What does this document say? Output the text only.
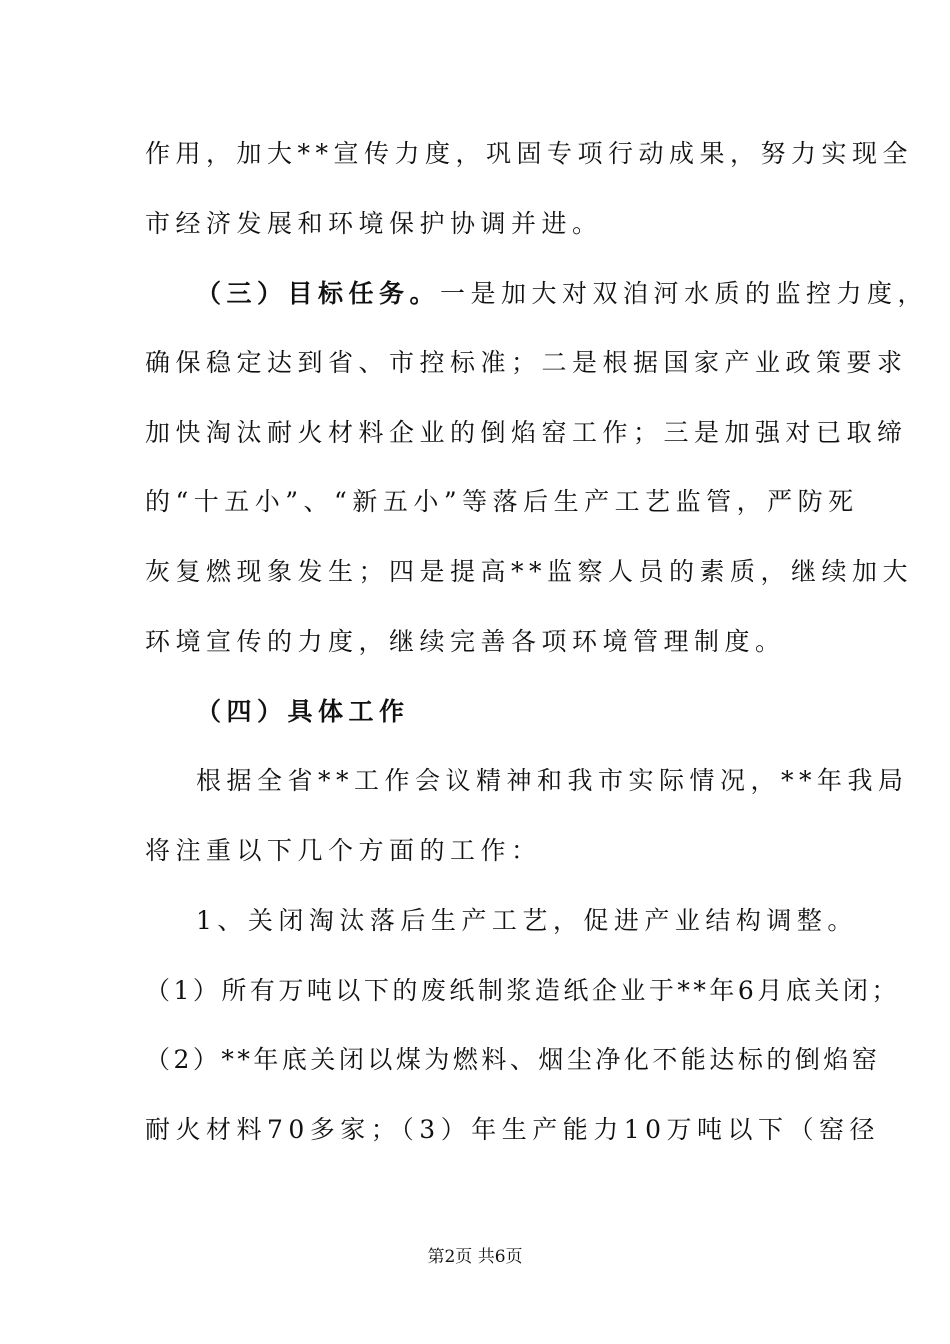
作用，加大**宣传力度，巩固专项行动成果，努力实现全
市经济发展和环境保护协调并进。
（三）目标任务。一是加大对双洎河水质的监控力度，
确保稳定达到省、市控标准；二是根据国家产业政策要求
加快淘汰耐火材料企业的倒焰窑工作；三是加强对已取缔
的“十五小”、“新五小”等落后生产工艺监管，严防死
灰复燃现象发生；四是提高**监察人员的素质，继续加大
环境宣传的力度，继续完善各项环境管理制度。
（四）具体工作
根据全省**工作会议精神和我市实际情况，**年我局
将注重以下几个方面的工作：
1、关闭淘汰落后生产工艺，促进产业结构调整。
（1）所有万吨以下的废纸制浆造纸企业于**年6月底关闭；
（2）**年底关闭以煤为燃料、烟尘净化不能达标的倒焰窑
耐火材料70多家；（3）年生产能力10万吨以下（窑径
第2页 共6页
